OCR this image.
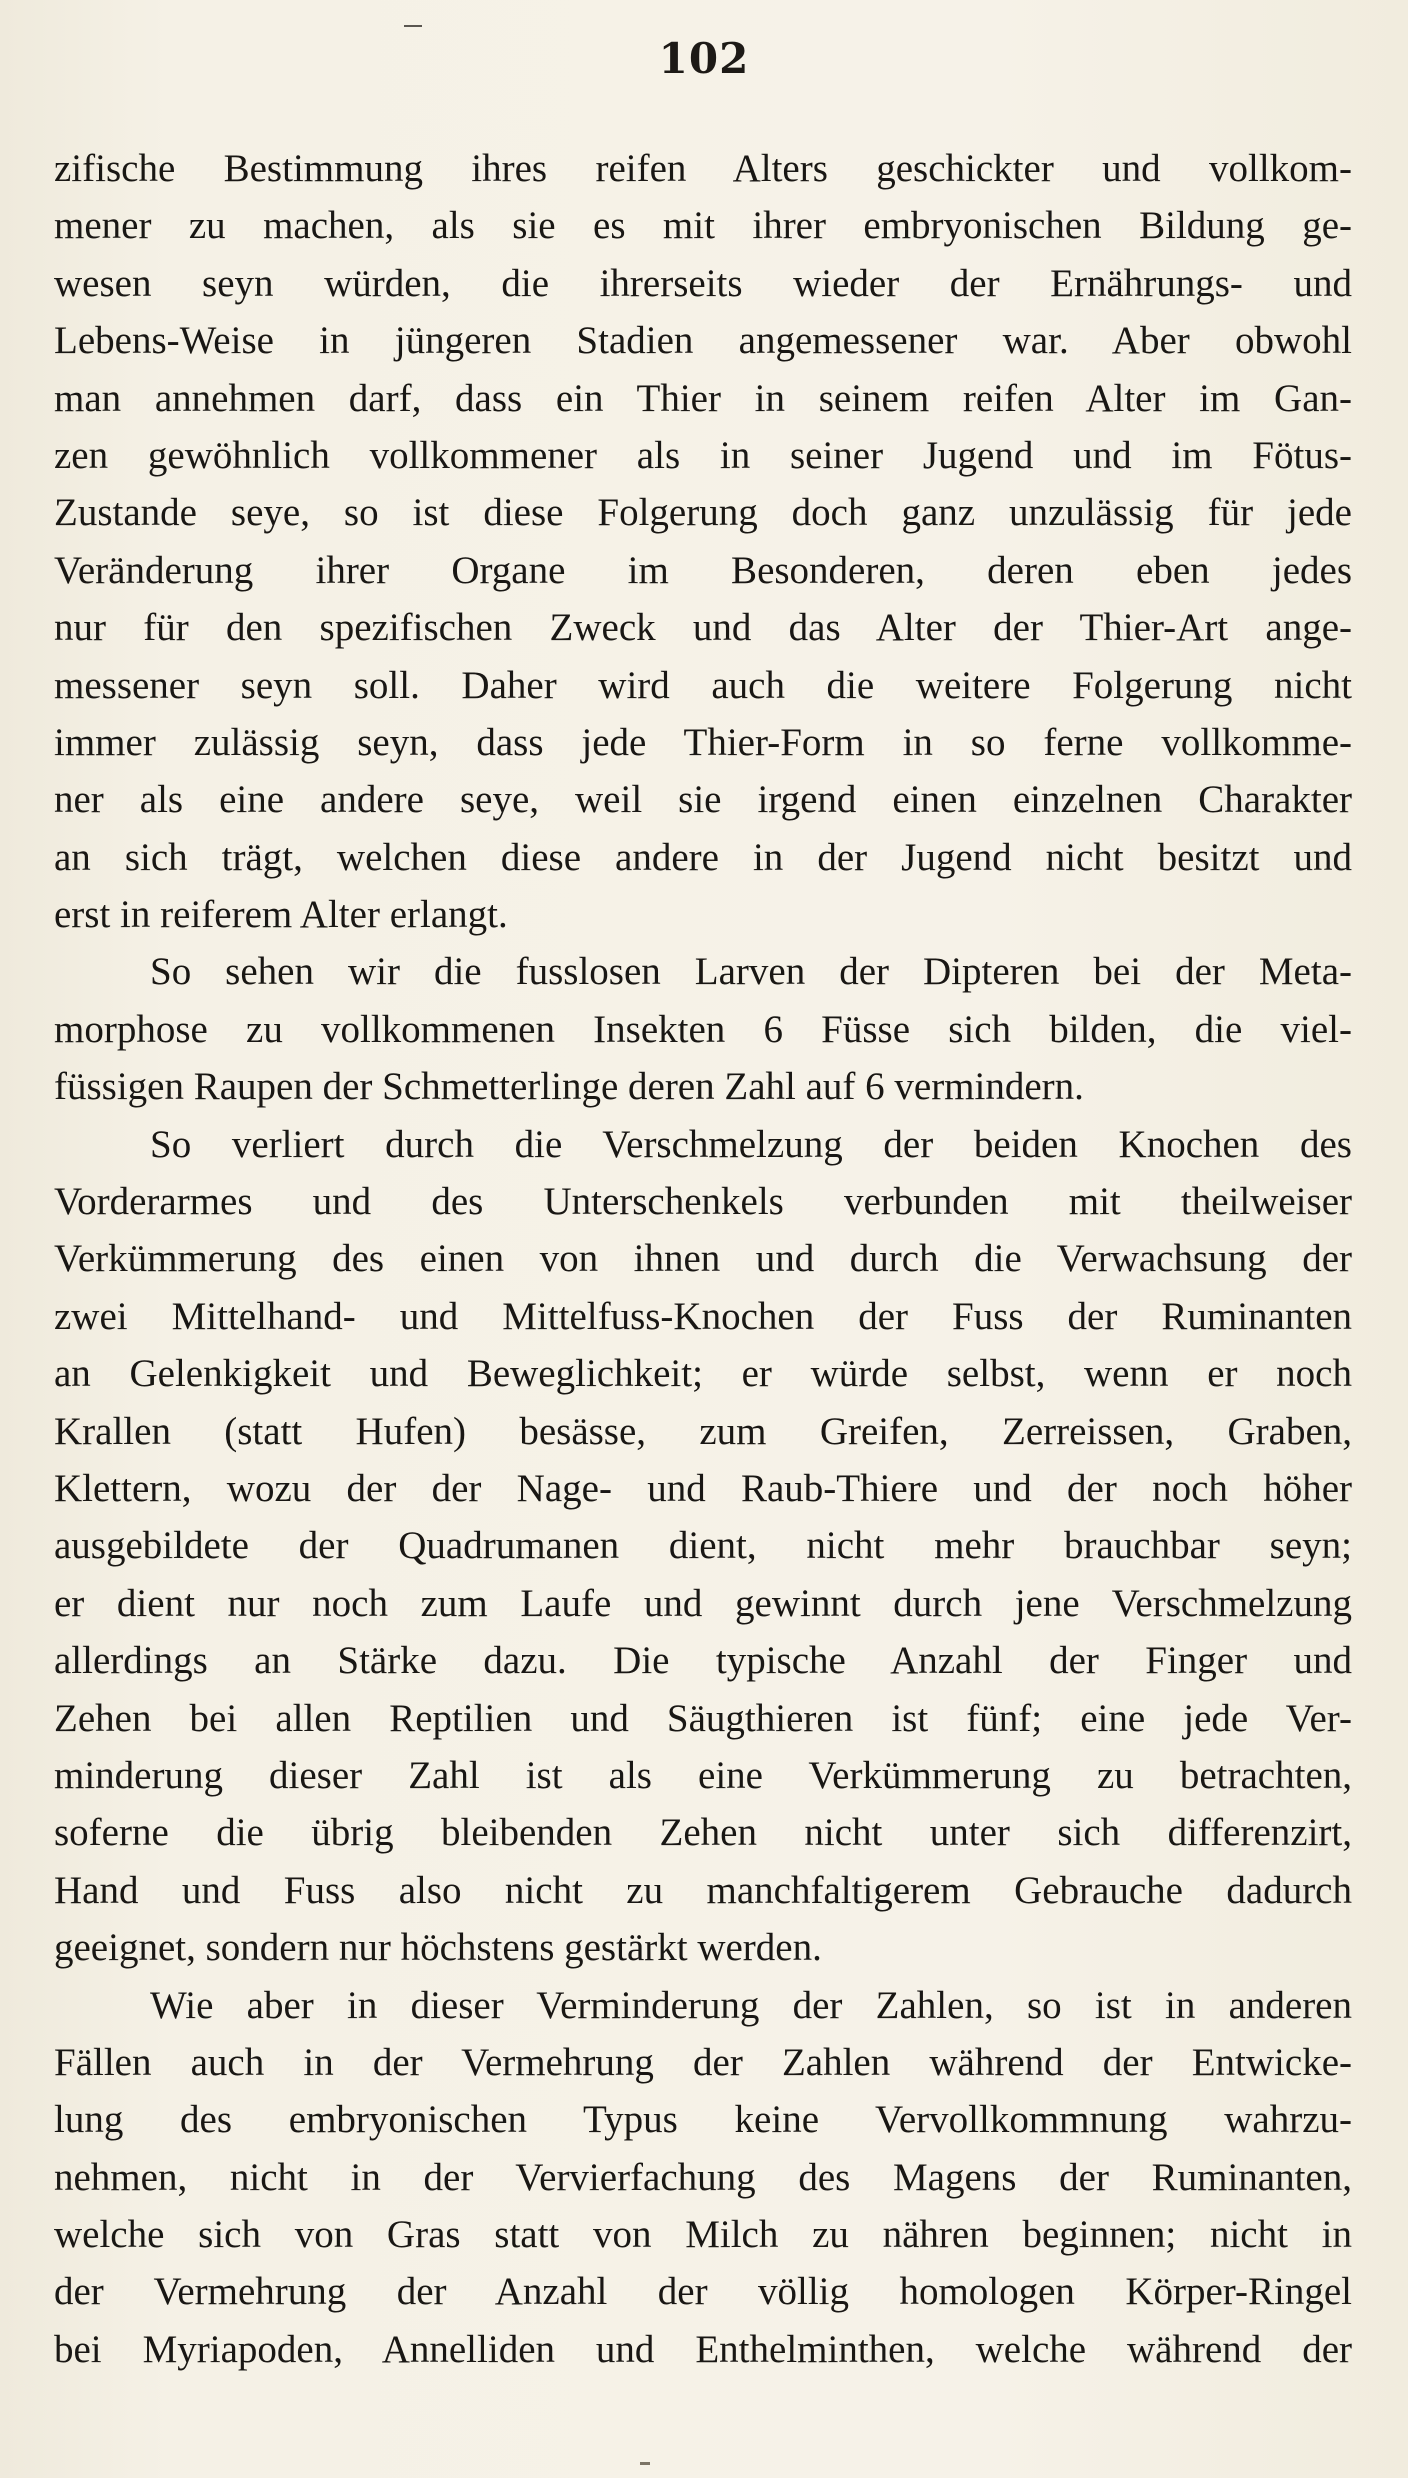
102
zifische Bestimmung ihres reifen Alters geschickter und vollkom-
mener zu machen, als sie es mit ihrer embryonischen Bildung ge-
wesen seyn würden, die ihrerseits wieder der Ernährungs- und
Lebens-Weise in jüngeren Stadien angemessener war. Aber obwohl
man annehmen darf, dass ein Thier in seinem reifen Alter im Gan-
zen gewöhnlich vollkommener als in seiner Jugend und im Fötus-
Zustande seye, so ist diese Folgerung doch ganz unzulässig für jede
Veränderung ihrer Organe im Besonderen, deren eben jedes
nur für den spezifischen Zweck und das Alter der Thier-Art ange-
messener seyn soll. Daher wird auch die weitere Folgerung nicht
immer zulässig seyn, dass jede Thier-Form in so ferne vollkomme-
ner als eine andere seye, weil sie irgend einen einzelnen Charakter
an sich trägt, welchen diese andere in der Jugend nicht besitzt und
erst in reiferem Alter erlangt.
So sehen wir die fusslosen Larven der Dipteren bei der Meta-
morphose zu vollkommenen Insekten 6 Füsse sich bilden, die viel-
füssigen Raupen der Schmetterlinge deren Zahl auf 6 vermindern.
So verliert durch die Verschmelzung der beiden Knochen des
Vorderarmes und des Unterschenkels verbunden mit theilweiser
Verkümmerung des einen von ihnen und durch die Verwachsung der
zwei Mittelhand- und Mittelfuss-Knochen der Fuss der Ruminanten
an Gelenkigkeit und Beweglichkeit; er würde selbst, wenn er noch
Krallen (statt Hufen) besässe, zum Greifen, Zerreissen, Graben,
Klettern, wozu der der Nage- und Raub-Thiere und der noch höher
ausgebildete der Quadrumanen dient, nicht mehr brauchbar seyn;
er dient nur noch zum Laufe und gewinnt durch jene Verschmelzung
allerdings an Stärke dazu. Die typische Anzahl der Finger und
Zehen bei allen Reptilien und Säugthieren ist fünf; eine jede Ver-
minderung dieser Zahl ist als eine Verkümmerung zu betrachten,
soferne die übrig bleibenden Zehen nicht unter sich differenzirt,
Hand und Fuss also nicht zu manchfaltigerem Gebrauche dadurch
geeignet, sondern nur höchstens gestärkt werden.
Wie aber in dieser Verminderung der Zahlen, so ist in anderen
Fällen auch in der Vermehrung der Zahlen während der Entwicke-
lung des embryonischen Typus keine Vervollkommnung wahrzu-
nehmen, nicht in der Vervierfachung des Magens der Ruminanten,
welche sich von Gras statt von Milch zu nähren beginnen; nicht in
der Vermehrung der Anzahl der völlig homologen Körper-Ringel
bei Myriapoden, Annelliden und Enthelminthen, welche während der
